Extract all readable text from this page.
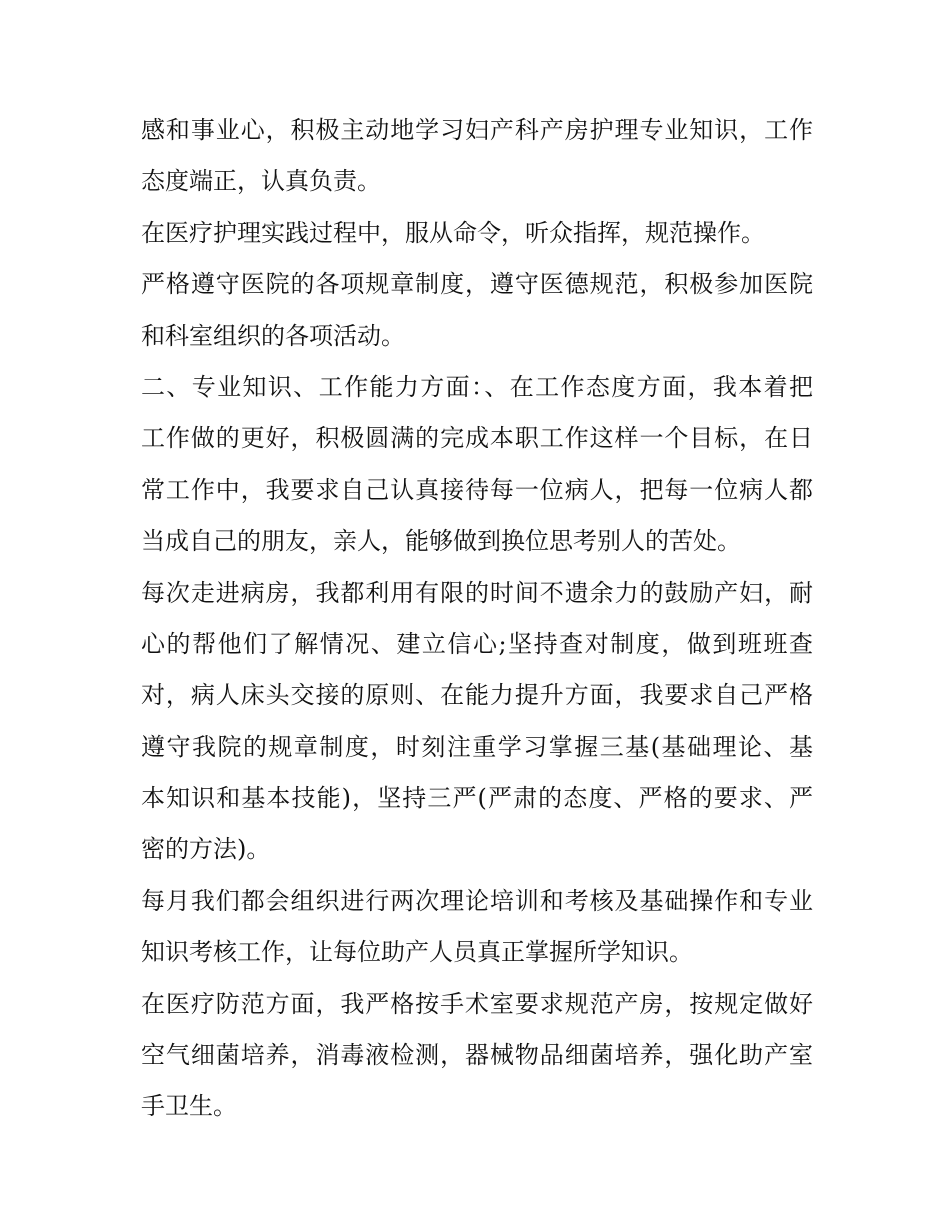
感和事业心，积极主动地学习妇产科产房护理专业知识，工作
态度端正，认真负责。
在医疗护理实践过程中，服从命令，听众指挥，规范操作。
严格遵守医院的各项规章制度，遵守医德规范，积极参加医院
和科室组织的各项活动。
二、专业知识、工作能力方面：、在工作态度方面，我本着把
工作做的更好，积极圆满的完成本职工作这样一个目标，在日
常工作中，我要求自己认真接待每一位病人，把每一位病人都
当成自己的朋友，亲人，能够做到换位思考别人的苦处。
每次走进病房，我都利用有限的时间不遗余力的鼓励产妇，耐
心的帮他们了解情况、建立信心;坚持查对制度，做到班班查
对，病人床头交接的原则、在能力提升方面，我要求自己严格
遵守我院的规章制度，时刻注重学习掌握三基(基础理论、基
本知识和基本技能)，坚持三严(严肃的态度、严格的要求、严
密的方法)。
每月我们都会组织进行两次理论培训和考核及基础操作和专业
知识考核工作，让每位助产人员真正掌握所学知识。
在医疗防范方面，我严格按手术室要求规范产房，按规定做好
空气细菌培养，消毒液检测，器械物品细菌培养，强化助产室
手卫生。
